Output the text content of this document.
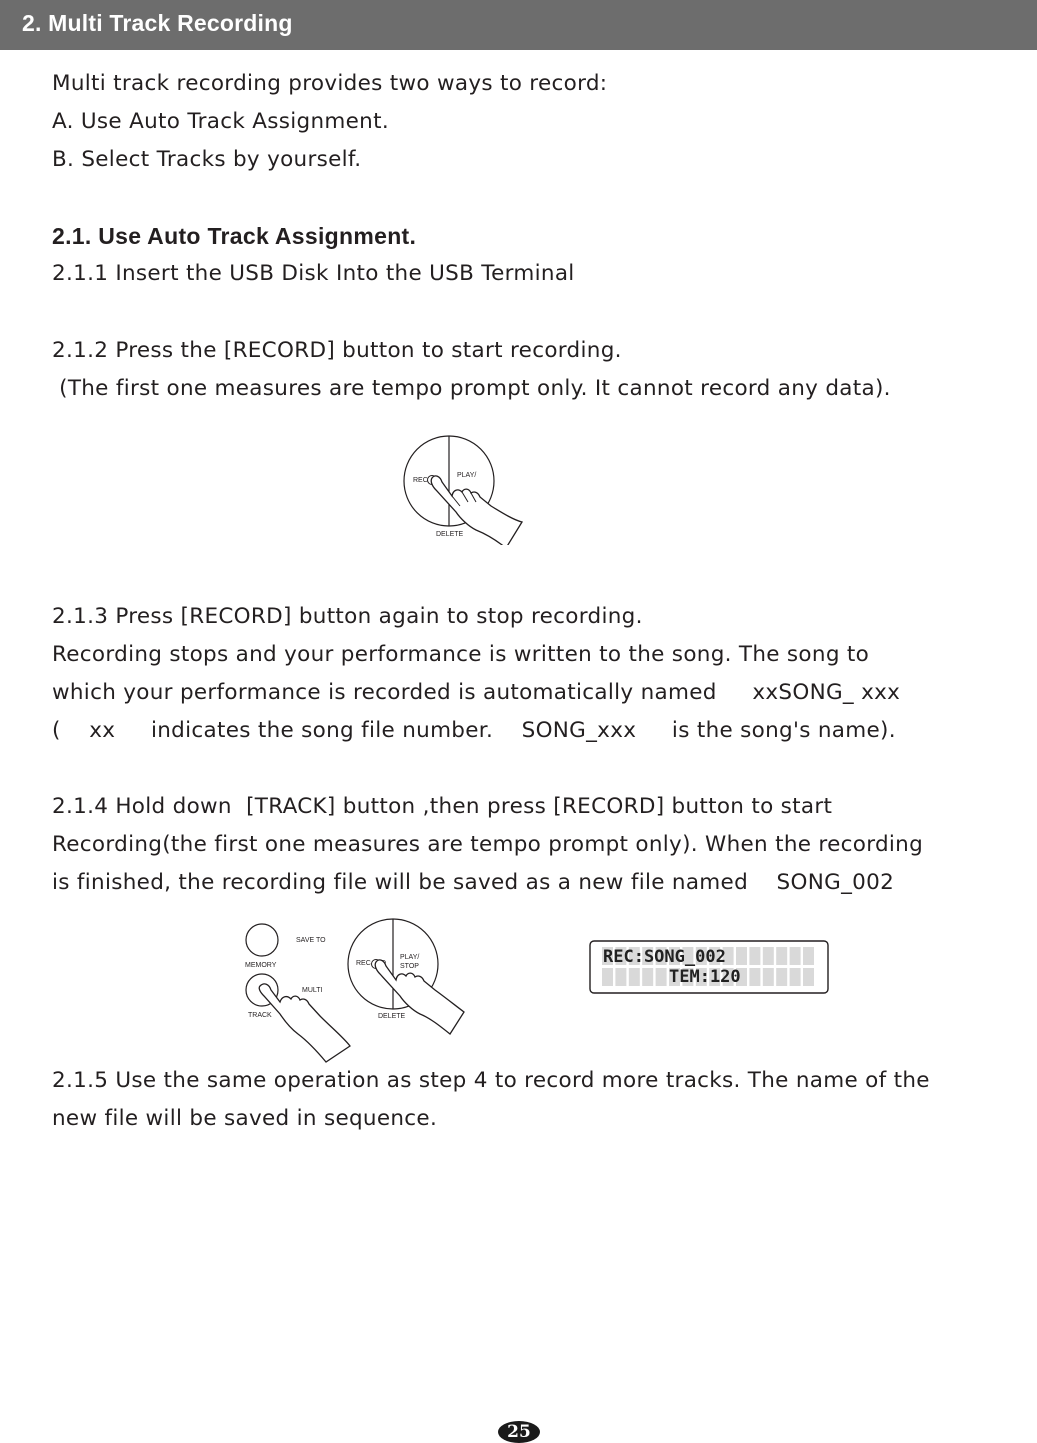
2. Multi Track Recording
Multi track recording provides two ways to record:
A. Use Auto Track Assignment.
B. Select Tracks by yourself.
2.1. Use Auto Track Assignment.
2.1.1 Insert the USB Disk Into the USB Terminal
2.1.2 Press the [RECORD] button to start recording.
(The first one measures are tempo prompt only. It cannot record any data).
REC
PLAY/
DELETE
2.1.3 Press [RECORD] button again to stop recording.
Recording stops and your performance is written to the song. The song to
which your performance is recorded is automatically named     xxSONG_ xxx
(    xx     indicates the song file number.    SONG_xxx     is the song's name).
2.1.4 Hold down  [TRACK] button ,then press [RECORD] button to start
Recording(the first one measures are tempo prompt only). When the recording
is finished, the recording file will be saved as a new file named    SONG_002
SAVE TO
MEMORY
MULTI
TRACK
REC
PLAY/
STOP
DELETE
REC:SONG_002
TEM:120
2.1.5 Use the same operation as step 4 to record more tracks. The name of the
new file will be saved in sequence.
25
